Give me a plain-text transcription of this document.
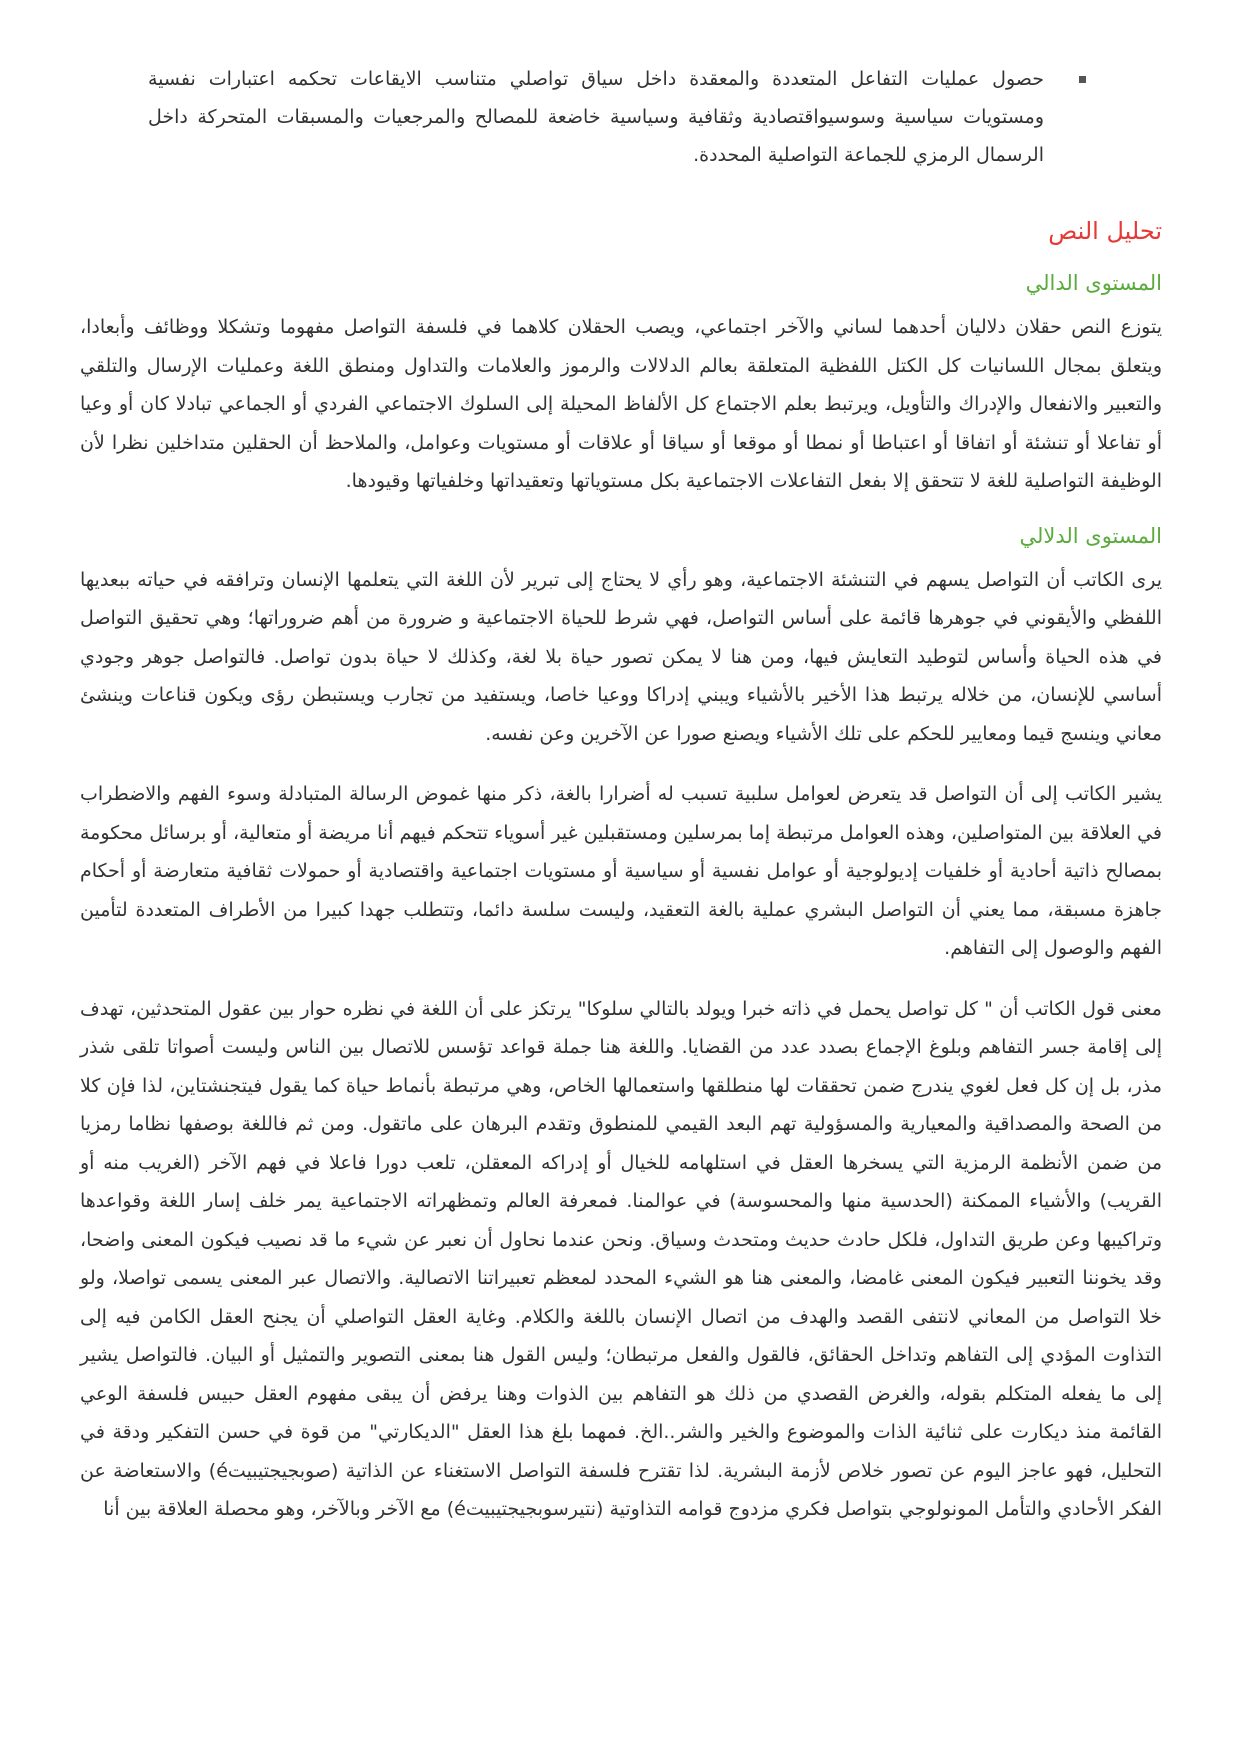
حصول عمليات التفاعل المتعددة والمعقدة داخل سياق تواصلي متناسب الايقاعات تحكمه اعتبارات نفسية ومستويات سياسية وسوسيواقتصادية وثقافية وسياسية خاضعة للمصالح والمرجعيات والمسبقات المتحركة داخل الرسمال الرمزي للجماعة التواصلية المحددة.
تحليل النص
المستوى الدالي

يتوزع النص حقلان دلاليان أحدهما لساني والآخر اجتماعي، ويصب الحقلان كلاهما في فلسفة التواصل مفهوما وتشكلا ووظائف وأبعادا، ويتعلق بمجال اللسانيات كل الكتل اللفظية المتعلقة بعالم الدلالات والرموز والعلامات والتداول ومنطق اللغة وعمليات الإرسال والتلقي والتعبير والانفعال والإدراك والتأويل، ويرتبط بعلم الاجتماع كل الألفاظ المحيلة إلى السلوك الاجتماعي الفردي أو الجماعي تبادلا كان أو وعيا أو تفاعلا أو تنشئة أو اتفاقا أو اعتباطا أو نمطا أو موقعا أو سياقا أو علاقات أو مستويات وعوامل، والملاحظ أن الحقلين متداخلين نظرا لأن الوظيفة التواصلية للغة لا تتحقق إلا بفعل التفاعلات الاجتماعية بكل مستوياتها وتعقيداتها وخلفياتها وقيودها.

المستوى الدلالي

يرى الكاتب أن التواصل يسهم في التنشئة الاجتماعية، وهو رأي لا يحتاج إلى تبرير لأن اللغة التي يتعلمها الإنسان وترافقه في حياته ببعديها اللفظي والأيقوني في جوهرها قائمة على أساس التواصل، فهي شرط للحياة الاجتماعية و ضرورة من أهم ضروراتها؛ وهي تحقيق التواصل في هذه الحياة وأساس لتوطيد التعايش فيها، ومن هنا لا يمكن تصور حياة بلا لغة، وكذلك لا حياة بدون تواصل. فالتواصل جوهر وجودي أساسي للإنسان، من خلاله يرتبط هذا الأخير بالأشياء ويبني إدراكا ووعيا خاصا، ويستفيد من تجارب ويستبطن رؤى ويكون قناعات وينشئ معاني وينسج قيما ومعايير للحكم على تلك الأشياء ويصنع صورا عن الآخرين وعن نفسه.

يشير الكاتب إلى أن التواصل قد يتعرض لعوامل سلبية تسبب له أضرارا بالغة، ذكر منها غموض الرسالة المتبادلة وسوء الفهم والاضطراب في العلاقة بين المتواصلين، وهذه العوامل مرتبطة إما بمرسلين ومستقبلين غير أسوياء تتحكم فيهم أنا مريضة أو متعالية، أو برسائل محكومة بمصالح ذاتية أحادية أو خلفيات إديولوجية أو عوامل نفسية أو سياسية أو مستويات اجتماعية واقتصادية أو حمولات ثقافية متعارضة أو أحكام جاهزة مسبقة، مما يعني أن التواصل البشري عملية بالغة التعقيد، وليست سلسة دائما، وتتطلب جهدا كبيرا من الأطراف المتعددة لتأمين الفهم والوصول إلى التفاهم.

معنى قول الكاتب أن " كل تواصل يحمل في ذاته خبرا ويولد بالتالي سلوكا" يرتكز على أن اللغة في نظره حوار بين عقول المتحدثين، تهدف إلى إقامة جسر التفاهم وبلوغ الإجماع بصدد عدد من القضايا. واللغة هنا جملة قواعد تؤسس للاتصال بين الناس وليست أصواتا تلقى شذر مذر، بل إن كل فعل لغوي يندرج ضمن تحققات لها منطلقها واستعمالها الخاص، وهي مرتبطة بأنماط حياة كما يقول فيتجنشتاين، لذا فإن كلا من الصحة والمصداقية والمعيارية والمسؤولية تهم البعد القيمي للمنطوق وتقدم البرهان على ماتقول. ومن ثم فاللغة بوصفها نظاما رمزيا من ضمن الأنظمة الرمزية التي يسخرها العقل في استلهامه للخيال أو إدراكه المعقلن، تلعب دورا فاعلا في فهم الآخر (الغريب منه أو القريب) والأشياء الممكنة (الحدسية منها والمحسوسة) في عوالمنا. فمعرفة العالم وتمظهراته الاجتماعية يمر خلف إسار اللغة وقواعدها وتراكيبها وعن طريق التداول، فلكل حادث حديث ومتحدث وسياق. ونحن عندما نحاول أن نعبر عن شيء ما قد نصيب فيكون المعنى واضحا، وقد يخوننا التعبير فيكون المعنى غامضا، والمعنى هنا هو الشيء المحدد لمعظم تعبيراتنا الاتصالية. والاتصال عبر المعنى يسمى تواصلا، ولو خلا التواصل من المعاني لانتفى القصد والهدف من اتصال الإنسان باللغة والكلام. وغاية العقل التواصلي أن يجنح العقل الكامن فيه إلى التذاوت المؤدي إلى التفاهم وتداخل الحقائق، فالقول والفعل مرتبطان؛ وليس القول هنا بمعنى التصوير والتمثيل أو البيان. فالتواصل يشير إلى ما يفعله المتكلم بقوله، والغرض القصدي من ذلك هو التفاهم بين الذوات وهنا يرفض أن يبقى مفهوم العقل حبيس فلسفة الوعي القائمة منذ ديكارت على ثنائية الذات والموضوع والخير والشر..الخ. فمهما بلغ هذا العقل "الديكارتي" من قوة في حسن التفكير ودقة في التحليل، فهو عاجز اليوم عن تصور خلاص لأزمة البشرية. لذا تقترح فلسفة التواصل الاستغناء عن الذاتية (صوبجيجتيبيتé) والاستعاضة عن الفكر الأحادي والتأمل المونولوجي بتواصل فكري مزدوج قوامه التذاوتية (نتيرسوبجيجتيبيتé) مع الآخر وبالآخر، وهو محصلة العلاقة بين أنا
